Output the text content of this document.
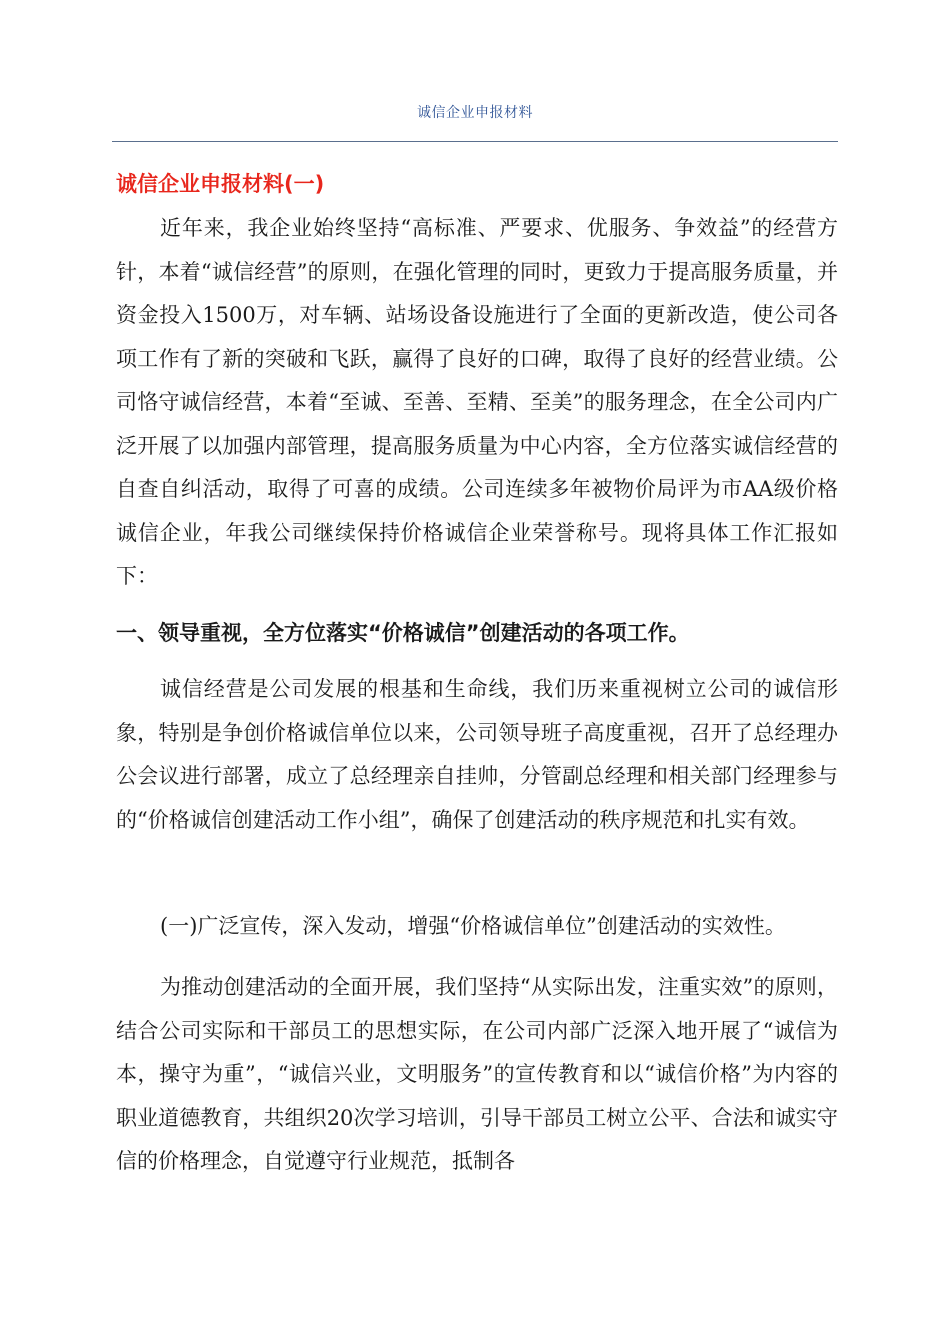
诚信企业申报材料
诚信企业申报材料(一)

近年来，我企业始终坚持“高标准、严要求、优服务、争效益”的经营方针，本着“诚信经营”的原则，在强化管理的同时，更致力于提高服务质量，并资金投入1500万，对车辆、站场设备设施进行了全面的更新改造，使公司各项工作有了新的突破和飞跃，赢得了良好的口碑，取得了良好的经营业绩。公司恪守诚信经营，本着“至诚、至善、至精、至美”的服务理念，在全公司内广泛开展了以加强内部管理，提高服务质量为中心内容，全方位落实诚信经营的自查自纠活动，取得了可喜的成绩。公司连续多年被物价局评为市AA级价格诚信企业，年我公司继续保持价格诚信企业荣誉称号。现将具体工作汇报如下：

一、领导重视，全方位落实“价格诚信”创建活动的各项工作。

诚信经营是公司发展的根基和生命线，我们历来重视树立公司的诚信形象，特别是争创价格诚信单位以来，公司领导班子高度重视，召开了总经理办公会议进行部署，成立了总经理亲自挂帅，分管副总经理和相关部门经理参与的“价格诚信创建活动工作小组”，确保了创建活动的秩序规范和扎实有效。

(一)广泛宣传，深入发动，增强“价格诚信单位”创建活动的实效性。

为推动创建活动的全面开展，我们坚持“从实际出发，注重实效”的原则，结合公司实际和干部员工的思想实际，在公司内部广泛深入地开展了“诚信为本，操守为重”，“诚信兴业，文明服务”的宣传教育和以“诚信价格”为内容的职业道德教育，共组织20次学习培训，引导干部员工树立公平、合法和诚实守信的价格理念，自觉遵守行业规范，抵制各
